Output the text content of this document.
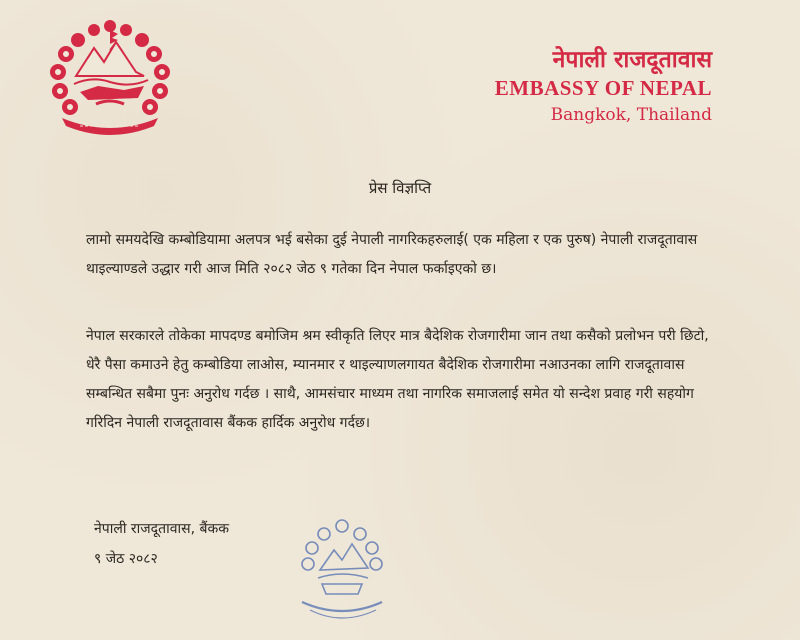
नेपाली राजदूतावास
EMBASSY OF NEPAL
Bangkok, Thailand
प्रेस विज्ञप्ति

लामो समयदेखि कम्बोडियामा अलपत्र भई बसेका दुई नेपाली नागरिकहरुलाई( एक महिला र एक पुरुष) नेपाली राजदूतावास थाइल्याण्डले उद्धार गरी आज मिति २०८२ जेठ ९ गतेका दिन नेपाल फर्काइएको छ।

नेपाल सरकारले तोकेका मापदण्ड बमोजिम श्रम स्वीकृति लिएर मात्र बैदेशिक रोजगारीमा जान तथा कसैको प्रलोभन परी छिटो, धेरै पैसा कमाउने हेतु कम्बोडिया लाओस, म्यानमार र थाइल्याणलगायत बैदेशिक रोजगारीमा नआउनका लागि राजदूतावास सम्बन्धित सबैमा पुनः अनुरोध गर्दछ । साथै, आमसंचार माध्यम तथा नागरिक समाजलाई समेत यो सन्देश प्रवाह गरी सहयोग गरिदिन नेपाली राजदूतावास बैंकक हार्दिक अनुरोध गर्दछ।

नेपाली राजदूतावास, बैंकक
९ जेठ २०८२
